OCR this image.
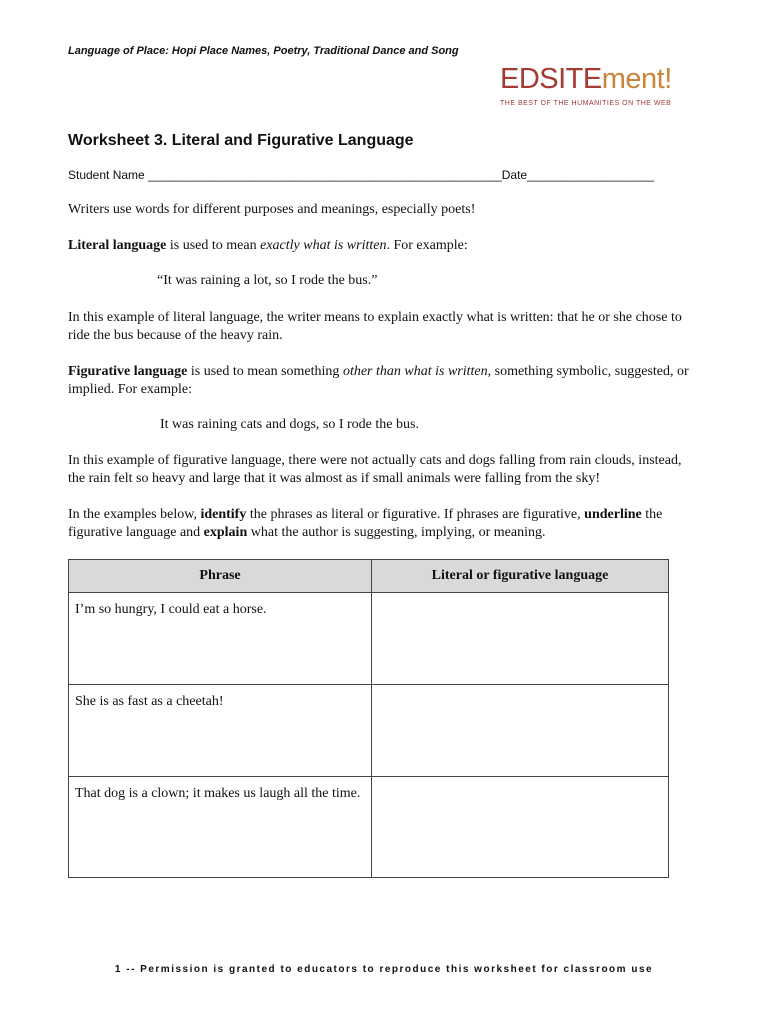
Language of Place: Hopi Place Names, Poetry, Traditional Dance and Song
EDSITEment!
THE BEST OF THE HUMANITIES ON THE WEB
Worksheet 3. Literal and Figurative Language
Student Name _____________________________________________________Date___________________
Writers use words for different purposes and meanings, especially poets!
Literal language is used to mean exactly what is written. For example:
“It was raining a lot, so I rode the bus.”
In this example of literal language, the writer means to explain exactly what is written: that he or she chose to ride the bus because of the heavy rain.
Figurative language is used to mean something other than what is written, something symbolic, suggested, or implied. For example:
It was raining cats and dogs, so I rode the bus.
In this example of figurative language, there were not actually cats and dogs falling from rain clouds, instead, the rain felt so heavy and large that it was almost as if small animals were falling from the sky!
In the examples below, identify the phrases as literal or figurative. If phrases are figurative, underline the figurative language and explain what the author is suggesting, implying, or meaning.
Phrase	Literal or figurative language
I’m so hungry, I could eat a horse.	
She is as fast as a cheetah!	
That dog is a clown; it makes us laugh all the time.	
1 -- Permission is granted to educators to reproduce this worksheet for classroom use
